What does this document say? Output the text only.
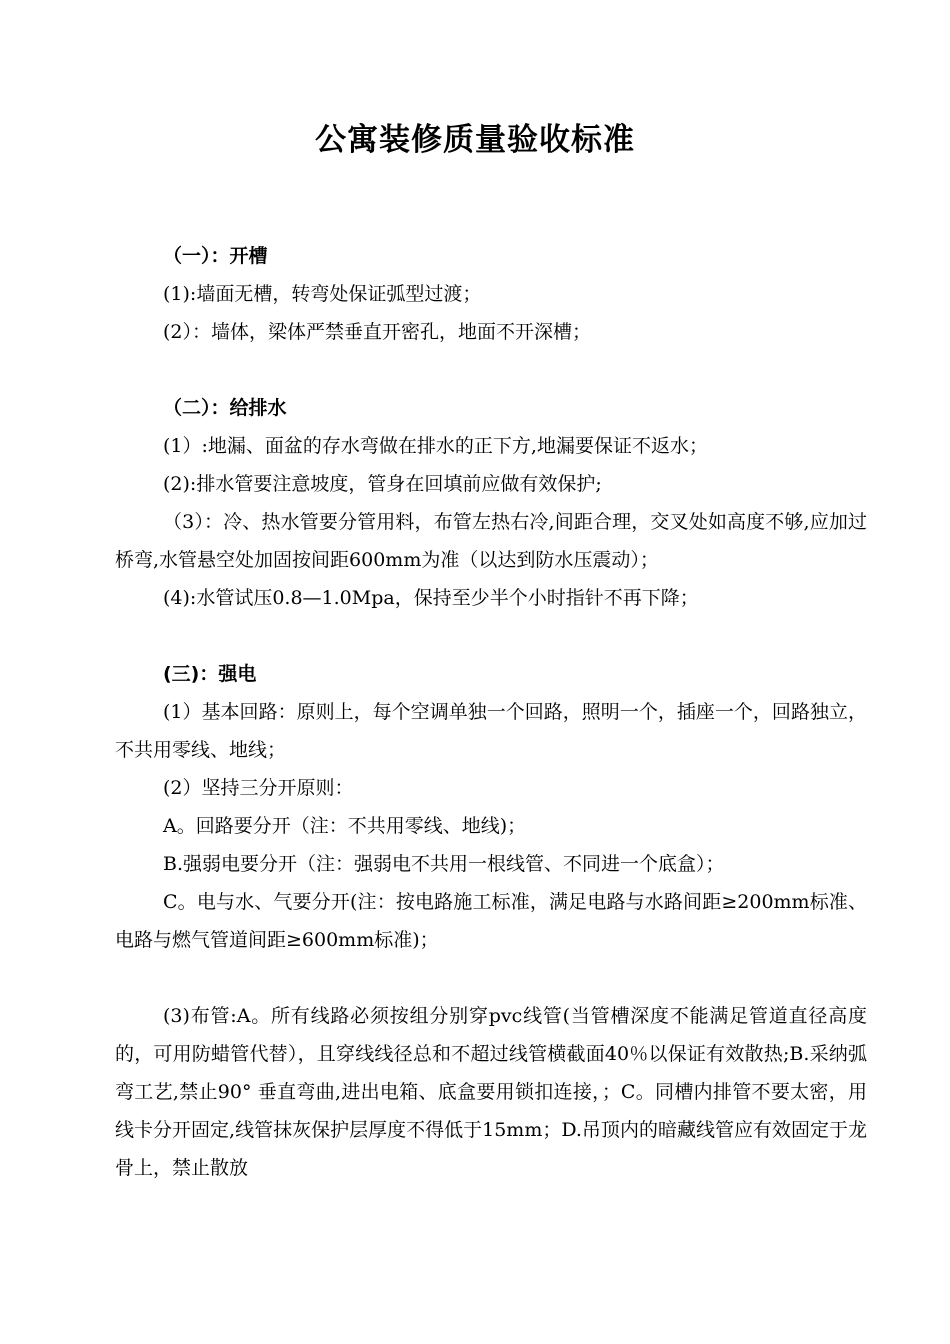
公寓装修质量验收标准
（一）：开槽

(1):墙面无槽，转弯处保证弧型过渡；

(2）：墙体，梁体严禁垂直开密孔，地面不开深槽；

（二）：给排水

(1）:地漏、面盆的存水弯做在排水的正下方,地漏要保证不返水；

(2):排水管要注意坡度，管身在回填前应做有效保护;

（3）：冷、热水管要分管用料，布管左热右冷,间距合理，交叉处如高度不够,应加过桥弯,水管悬空处加固按间距600mm为准（以达到防水压震动）；

(4):水管试压0.8—1.0Mpa，保持至少半个小时指针不再下降；

(三)：强电

(1）基本回路：原则上，每个空调单独一个回路，照明一个，插座一个，回路独立，不共用零线、地线；

(2）坚持三分开原则：

A。回路要分开（注：不共用零线、地线)；

B.强弱电要分开（注：强弱电不共用一根线管、不同进一个底盒）；

C。电与水、气要分开(注：按电路施工标准，满足电路与水路间距≥200mm标准、电路与燃气管道间距≥600mm标准)；

(3)布管:A。所有线路必须按组分别穿pvc线管(当管槽深度不能满足管道直径高度的，可用防蜡管代替），且穿线线径总和不超过线管横截面40％以保证有效散热;B.采纳弧弯工艺,禁止90° 垂直弯曲,进出电箱、底盒要用锁扣连接，；C。同槽内排管不要太密，用线卡分开固定,线管抹灰保护层厚度不得低于15mm；D.吊顶内的暗藏线管应有效固定于龙骨上，禁止散放
